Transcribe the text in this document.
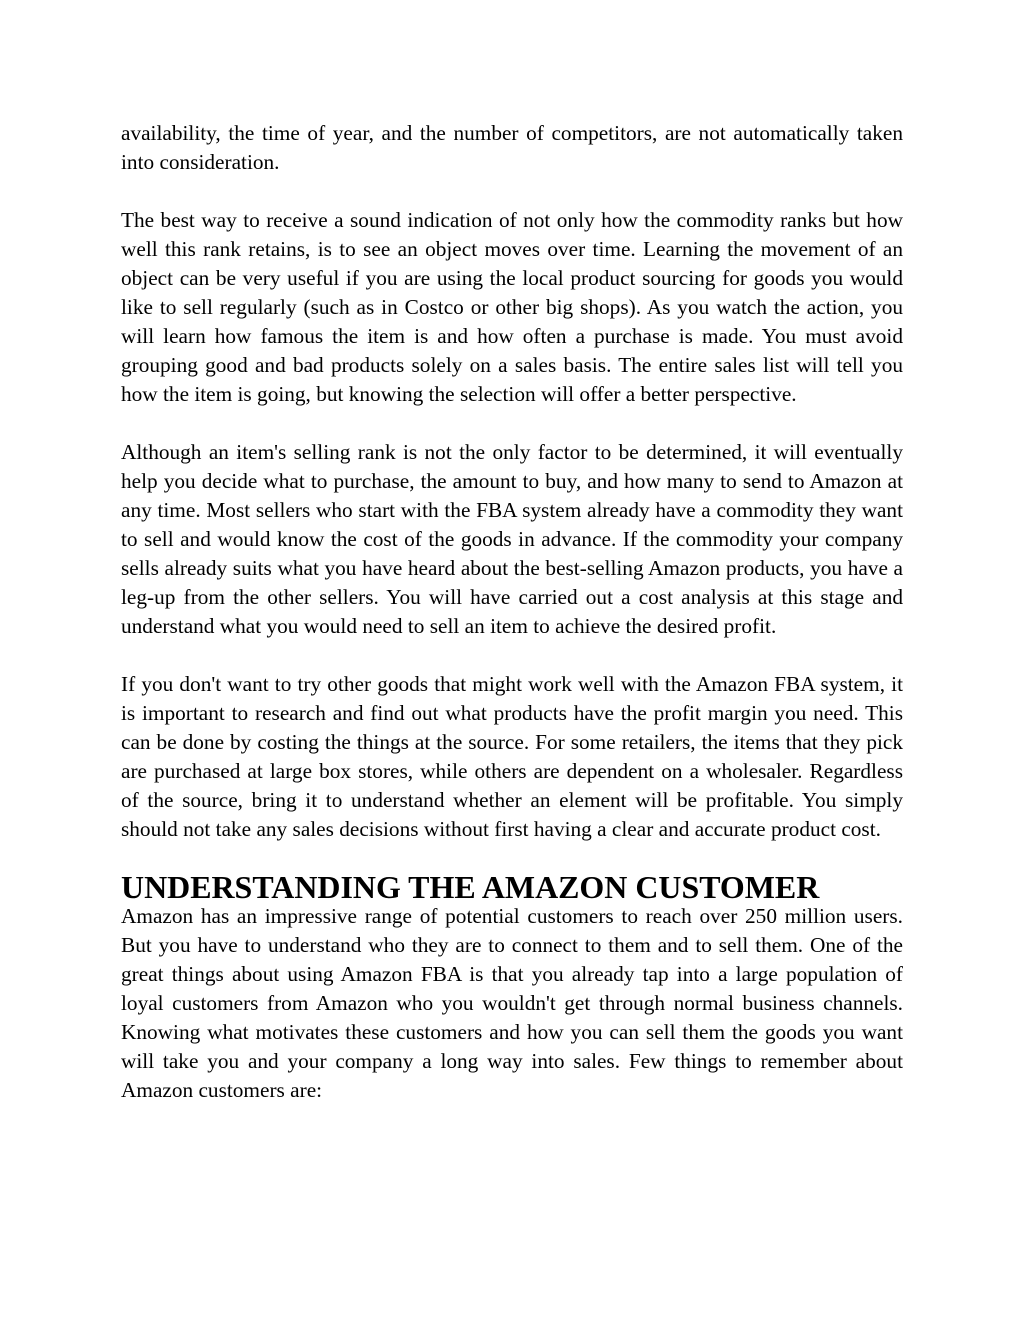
availability, the time of year, and the number of competitors, are not automatically taken into consideration.

The best way to receive a sound indication of not only how the commodity ranks but how well this rank retains, is to see an object moves over time. Learning the movement of an object can be very useful if you are using the local product sourcing for goods you would like to sell regularly (such as in Costco or other big shops). As you watch the action, you will learn how famous the item is and how often a purchase is made. You must avoid grouping good and bad products solely on a sales basis. The entire sales list will tell you how the item is going, but knowing the selection will offer a better perspective.

Although an item's selling rank is not the only factor to be determined, it will eventually help you decide what to purchase, the amount to buy, and how many to send to Amazon at any time. Most sellers who start with the FBA system already have a commodity they want to sell and would know the cost of the goods in advance. If the commodity your company sells already suits what you have heard about the best-selling Amazon products, you have a leg-up from the other sellers. You will have carried out a cost analysis at this stage and understand what you would need to sell an item to achieve the desired profit.

If you don't want to try other goods that might work well with the Amazon FBA system, it is important to research and find out what products have the profit margin you need. This can be done by costing the things at the source. For some retailers, the items that they pick are purchased at large box stores, while others are dependent on a wholesaler. Regardless of the source, bring it to understand whether an element will be profitable. You simply should not take any sales decisions without first having a clear and accurate product cost.

UNDERSTANDING THE AMAZON CUSTOMER

Amazon has an impressive range of potential customers to reach over 250 million users. But you have to understand who they are to connect to them and to sell them. One of the great things about using Amazon FBA is that you already tap into a large population of loyal customers from Amazon who you wouldn't get through normal business channels. Knowing what motivates these customers and how you can sell them the goods you want will take you and your company a long way into sales. Few things to remember about Amazon customers are:
